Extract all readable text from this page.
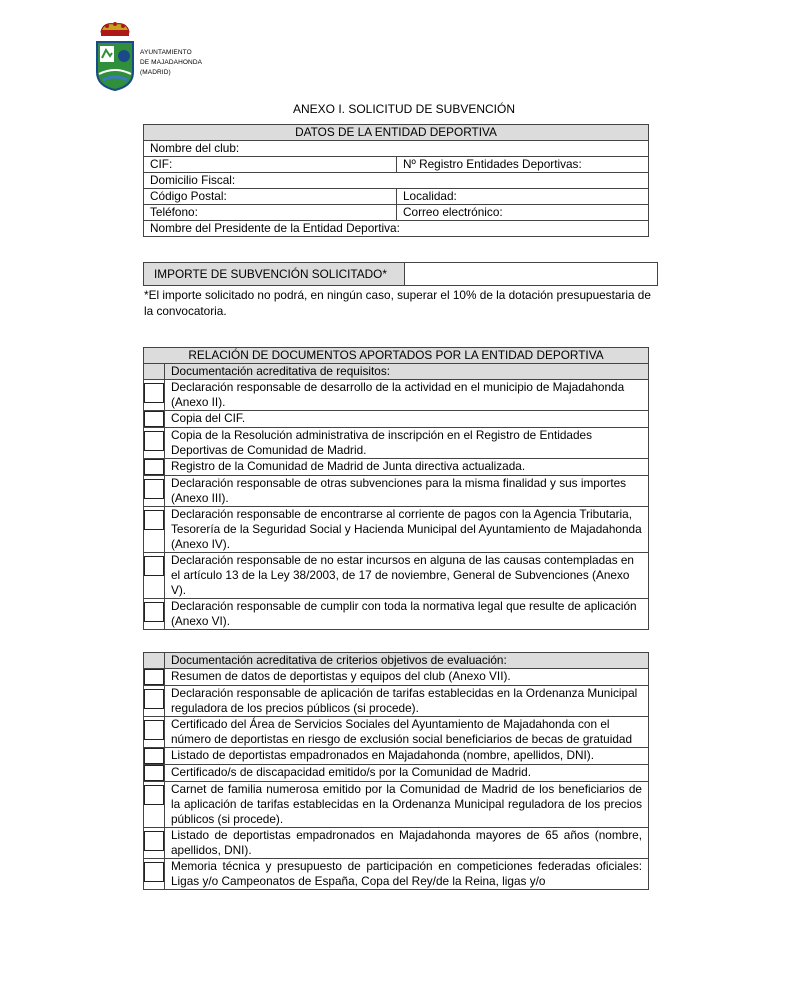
AYUNTAMIENTO
DE MAJADAHONDA
(MADRID)
ANEXO I. SOLICITUD DE SUBVENCIÓN
DATOS DE LA ENTIDAD DEPORTIVA	
Nombre del club:	
CIF:	Nº Registro Entidades Deportivas:
Domicilio Fiscal:	
Código Postal:	Localidad:
Teléfono:	Correo electrónico:
Nombre del Presidente de la Entidad Deportiva:	
IMPORTE DE SUBVENCIÓN SOLICITADO*	
*El importe solicitado no podrá, en ningún caso, superar el 10% de la dotación presupuestaria de la convocatoria.
RELACIÓN DE DOCUMENTOS APORTADOS POR LA ENTIDAD DEPORTIVA	
	Documentación acreditativa de requisitos:

	Declaración responsable de desarrollo de la actividad en el municipio de Majadahonda (Anexo II).

	Copia del CIF.

	Copia de la Resolución administrativa de inscripción en el Registro de Entidades Deportivas de Comunidad de Madrid.

	Registro de la Comunidad de Madrid de Junta directiva actualizada.

	Declaración responsable de otras subvenciones para la misma finalidad y sus importes (Anexo III).

	Declaración responsable de encontrarse al corriente de pagos con la Agencia Tributaria, Tesorería de la Seguridad Social y Hacienda Municipal del Ayuntamiento de Majadahonda (Anexo IV).

	Declaración responsable de no estar incursos en alguna de las causas contempladas en el artículo 13 de la Ley 38/2003, de 17 de noviembre, General de Subvenciones (Anexo V).

	Declaración responsable de cumplir con toda la normativa legal que resulte de aplicación (Anexo VI).
	Documentación acreditativa de criterios objetivos de evaluación:

	Resumen de datos de deportistas y equipos del club (Anexo VII).

	Declaración responsable de aplicación de tarifas establecidas en la Ordenanza Municipal reguladora de los precios públicos (si procede).

	Certificado del Área de Servicios Sociales del Ayuntamiento de Majadahonda con el número de deportistas en riesgo de exclusión social beneficiarios de becas de gratuidad

	Listado de deportistas empadronados en Majadahonda (nombre, apellidos, DNI).

	Certificado/s de discapacidad emitido/s por la Comunidad de Madrid.

	Carnet de familia numerosa emitido por la Comunidad de Madrid de los beneficiarios de la aplicación de tarifas establecidas en la Ordenanza Municipal reguladora de los precios públicos (si procede).

	Listado de deportistas empadronados en Majadahonda mayores de 65 años (nombre, apellidos, DNI).

	Memoria técnica y presupuesto de participación en competiciones federadas oficiales: Ligas y/o Campeonatos de España, Copa del Rey/de la Reina, ligas y/o
